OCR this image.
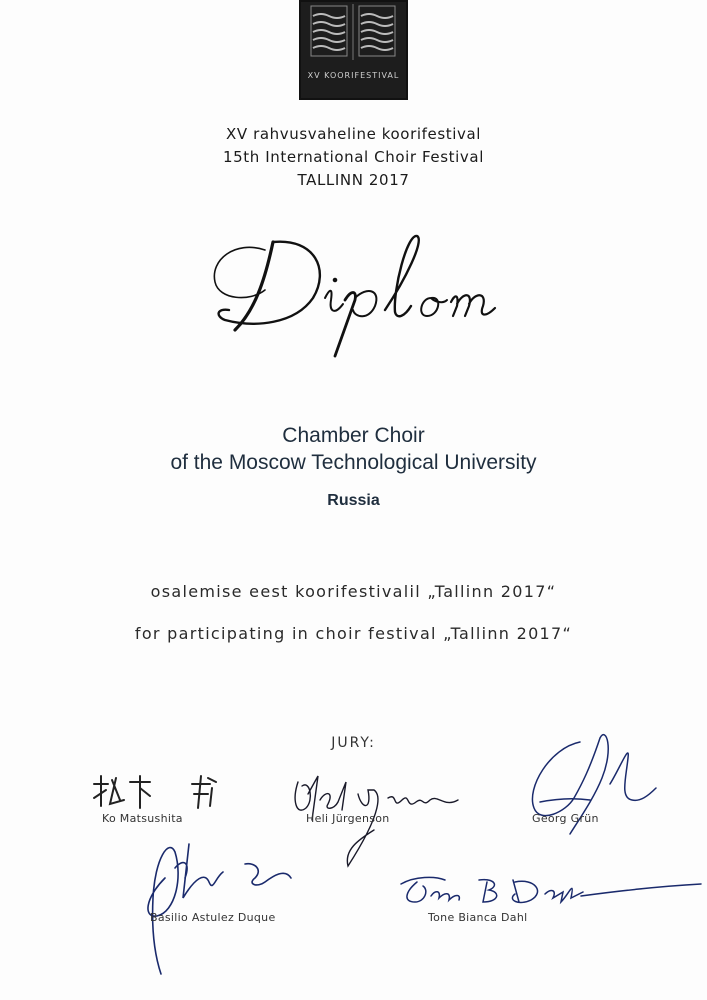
XV KOORIFESTIVAL
XV rahvusvaheline koorifestival
15th International Choir Festival
TALLINN 2017
Chamber Choir
of the Moscow Technological University
Russia
osalemise eest koorifestivalil „Tallinn 2017“
for participating in choir festival „Tallinn 2017“
JURY:
Ko Matsushita	Heli Jürgenson	Georg Grün
Basilio Astulez Duque	Tone Bianca Dahl
